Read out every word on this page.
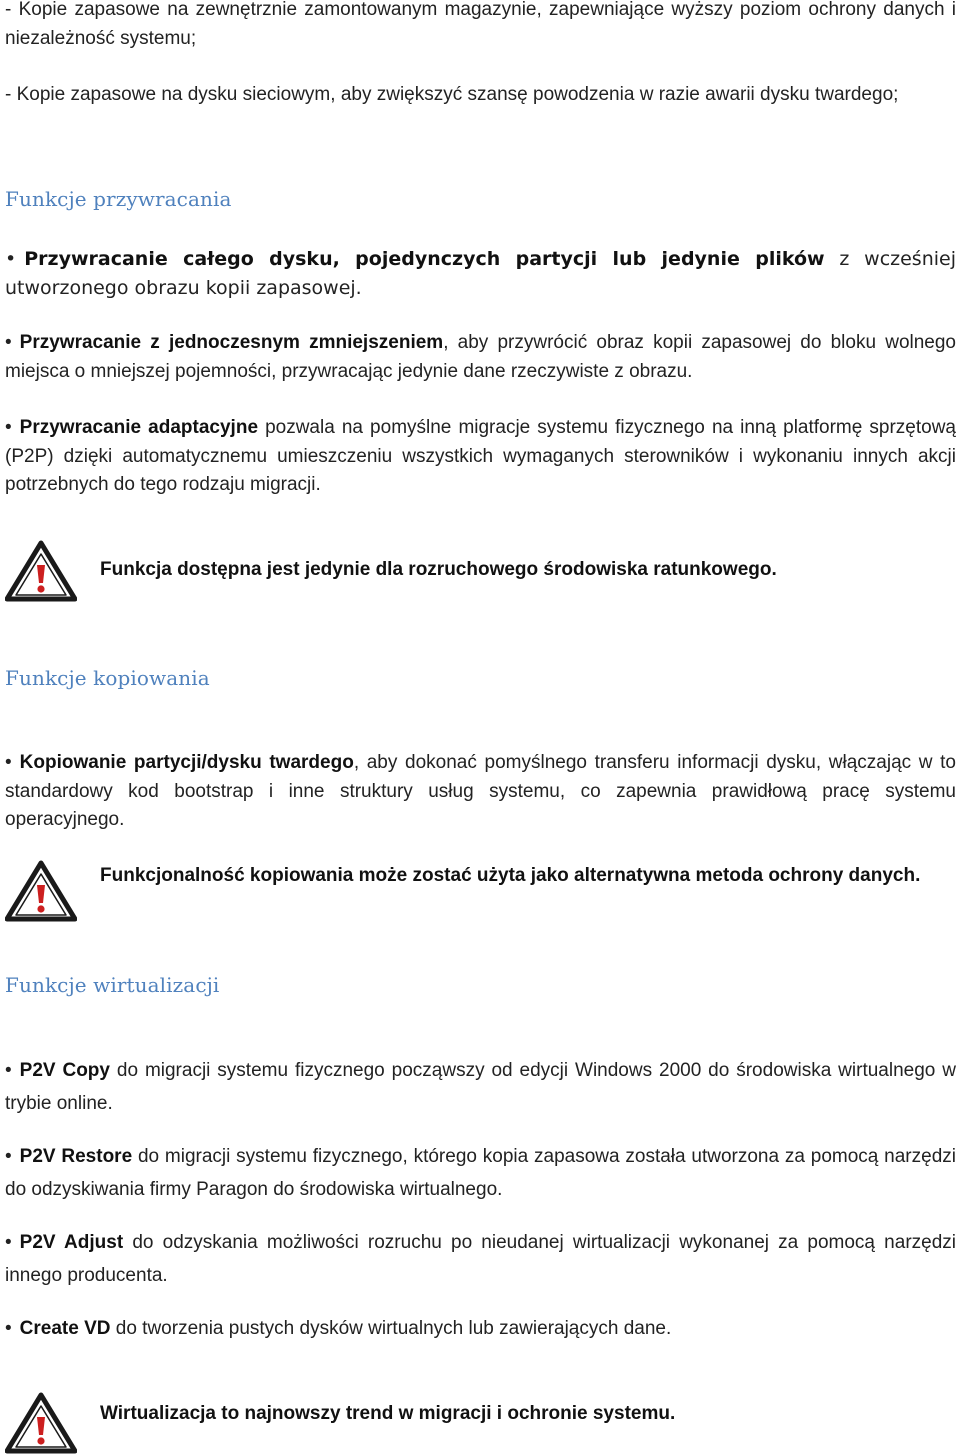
- Kopie zapasowe na zewnętrznie zamontowanym magazynie, zapewniające wyższy poziom ochrony danych i niezależność systemu;

- Kopie zapasowe na dysku sieciowym, aby zwiększyć szansę powodzenia w razie awarii dysku twardego;

Funkcje przywracania

• Przywracanie całego dysku, pojedynczych partycji lub jedynie plików z wcześniej utworzonego obrazu kopii zapasowej.

• Przywracanie z jednoczesnym zmniejszeniem, aby przywrócić obraz kopii zapasowej do bloku wolnego miejsca o mniejszej pojemności, przywracając jedynie dane rzeczywiste z obrazu.

• Przywracanie adaptacyjne pozwala na pomyślne migracje systemu fizycznego na inną platformę sprzętową (P2P) dzięki automatycznemu umieszczeniu wszystkich wymaganych sterowników i wykonaniu innych akcji potrzebnych do tego rodzaju migracji.

Funkcja dostępna jest jedynie dla rozruchowego środowiska ratunkowego.

Funkcje kopiowania

• Kopiowanie partycji/dysku twardego, aby dokonać pomyślnego transferu informacji dysku, włączając w to standardowy kod bootstrap i inne struktury usług systemu, co zapewnia prawidłową pracę systemu operacyjnego.

Funkcjonalność kopiowania może zostać użyta jako alternatywna metoda ochrony danych.

Funkcje wirtualizacji

• P2V Copy do migracji systemu fizycznego począwszy od edycji Windows 2000 do środowiska wirtualnego w trybie online.

• P2V Restore do migracji systemu fizycznego, którego kopia zapasowa została utworzona za pomocą narzędzi do odzyskiwania firmy Paragon do środowiska wirtualnego.

• P2V Adjust do odzyskania możliwości rozruchu po nieudanej wirtualizacji wykonanej za pomocą narzędzi innego producenta.

• Create VD do tworzenia pustych dysków wirtualnych lub zawierających dane.

Wirtualizacja to najnowszy trend w migracji i ochronie systemu.
